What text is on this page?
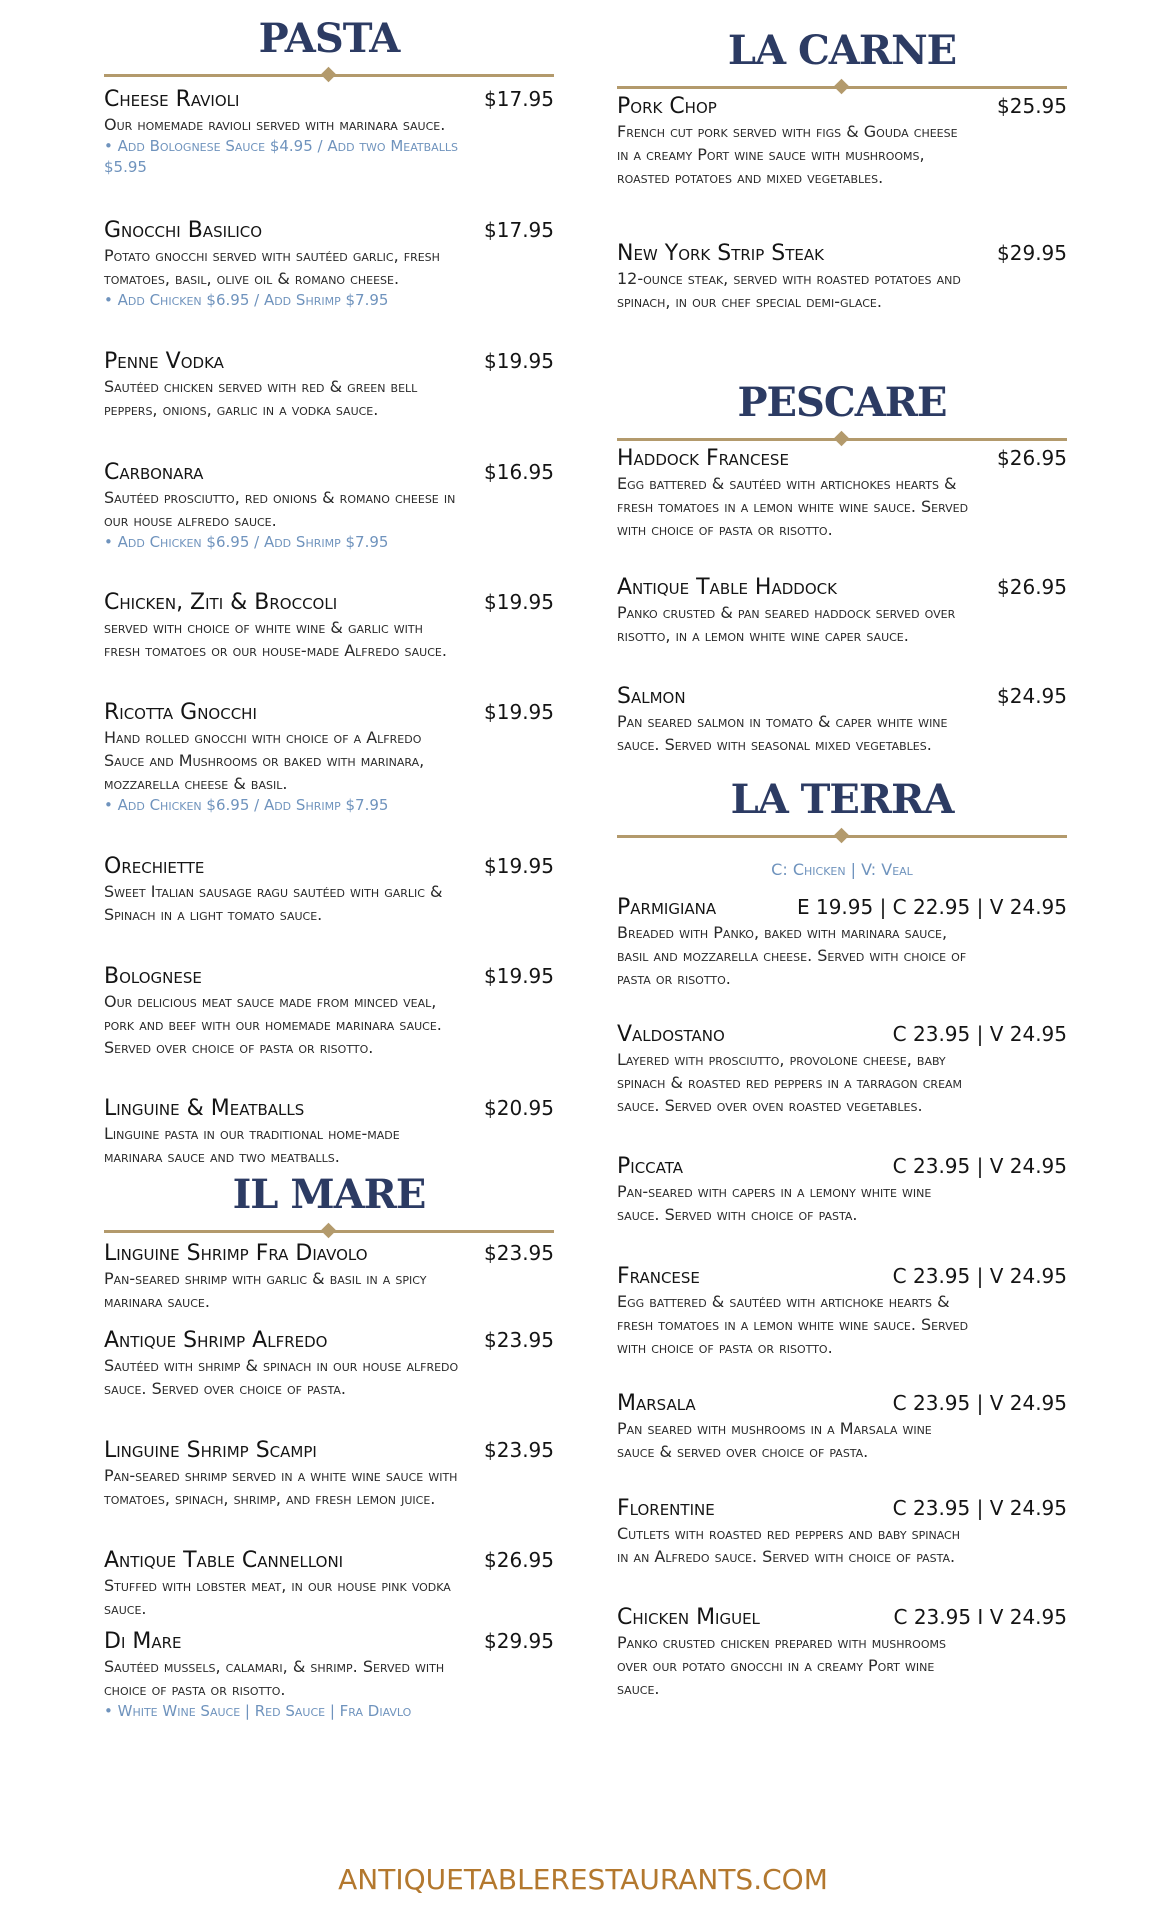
PASTA
Cheese Ravioli	$17.95
Our homemade ravioli served with marinara sauce.
• Add Bolognese Sauce $4.95 / Add two Meatballs $5.95
Gnocchi Basilico	$17.95
Potato gnocchi served with sautéed garlic, fresh tomatoes, basil, olive oil & romano cheese.
• Add Chicken $6.95 / Add Shrimp $7.95
Penne Vodka	$19.95
Sautéed chicken served with red & green bell peppers, onions, garlic in a vodka sauce.
Carbonara	$16.95
Sautéed prosciutto, red onions & romano cheese in our house alfredo sauce.
• Add Chicken $6.95 / Add Shrimp $7.95
Chicken, Ziti & Broccoli	$19.95
served with choice of white wine & garlic with fresh tomatoes or our house-made Alfredo sauce.
Ricotta Gnocchi	$19.95
Hand rolled gnocchi with choice of a Alfredo Sauce and Mushrooms or baked with marinara, mozzarella cheese & basil.
• Add Chicken $6.95 / Add Shrimp $7.95
Orechiette	$19.95
Sweet Italian sausage ragu sautéed with garlic & Spinach in a light tomato sauce.
Bolognese	$19.95
Our delicious meat sauce made from minced veal, pork and beef with our homemade marinara sauce. Served over choice of pasta or risotto.
Linguine & Meatballs	$20.95
Linguine pasta in our traditional home-made marinara sauce and two meatballs.
IL MARE
Linguine Shrimp Fra Diavolo	$23.95
Pan-seared shrimp with garlic & basil in a spicy marinara sauce.
Antique Shrimp Alfredo	$23.95
Sautéed with shrimp & spinach in our house alfredo sauce. Served over choice of pasta.
Linguine Shrimp Scampi	$23.95
Pan-seared shrimp served in a white wine sauce with tomatoes, spinach, shrimp, and fresh lemon juice.
Antique Table Cannelloni	$26.95
Stuffed with lobster meat, in our house pink vodka sauce.
Di Mare	$29.95
Sautéed mussels, calamari, & shrimp. Served with choice of pasta or risotto.
• White Wine Sauce | Red Sauce | Fra Diavlo
LA CARNE
Pork Chop	$25.95
French cut pork served with figs & Gouda cheese in a creamy Port wine sauce with mushrooms, roasted potatoes and mixed vegetables.
New York Strip Steak	$29.95
12-ounce steak, served with roasted potatoes and spinach, in our chef special demi-glace.
PESCARE
Haddock Francese	$26.95
Egg battered & sautéed with artichokes hearts & fresh tomatoes in a lemon white wine sauce. Served with choice of pasta or risotto.
Antique Table Haddock	$26.95
Panko crusted & pan seared haddock served over risotto, in a lemon white wine caper sauce.
Salmon	$24.95
Pan seared salmon in tomato & caper white wine sauce. Served with seasonal mixed vegetables.
LA TERRA
C: Chicken | V: Veal
Parmigiana	E 19.95 | C 22.95 | V 24.95
Breaded with Panko, baked with marinara sauce, basil and mozzarella cheese. Served with choice of pasta or risotto.
Valdostano	C 23.95 | V 24.95
Layered with prosciutto, provolone cheese, baby spinach & roasted red peppers in a tarragon cream sauce. Served over oven roasted vegetables.
Piccata	C 23.95 | V 24.95
Pan-seared with capers in a lemony white wine sauce. Served with choice of pasta.
Francese	C 23.95 | V 24.95
Egg battered & sautéed with artichoke hearts & fresh tomatoes in a lemon white wine sauce. Served with choice of pasta or risotto.
Marsala	C 23.95 | V 24.95
Pan seared with mushrooms in a Marsala wine sauce & served over choice of pasta.
Florentine	C 23.95 | V 24.95
Cutlets with roasted red peppers and baby spinach in an Alfredo sauce. Served with choice of pasta.
Chicken Miguel	C 23.95 I V 24.95
Panko crusted chicken prepared with mushrooms over our potato gnocchi in a creamy Port wine sauce.
ANTIQUETABLERESTAURANTS.COM
